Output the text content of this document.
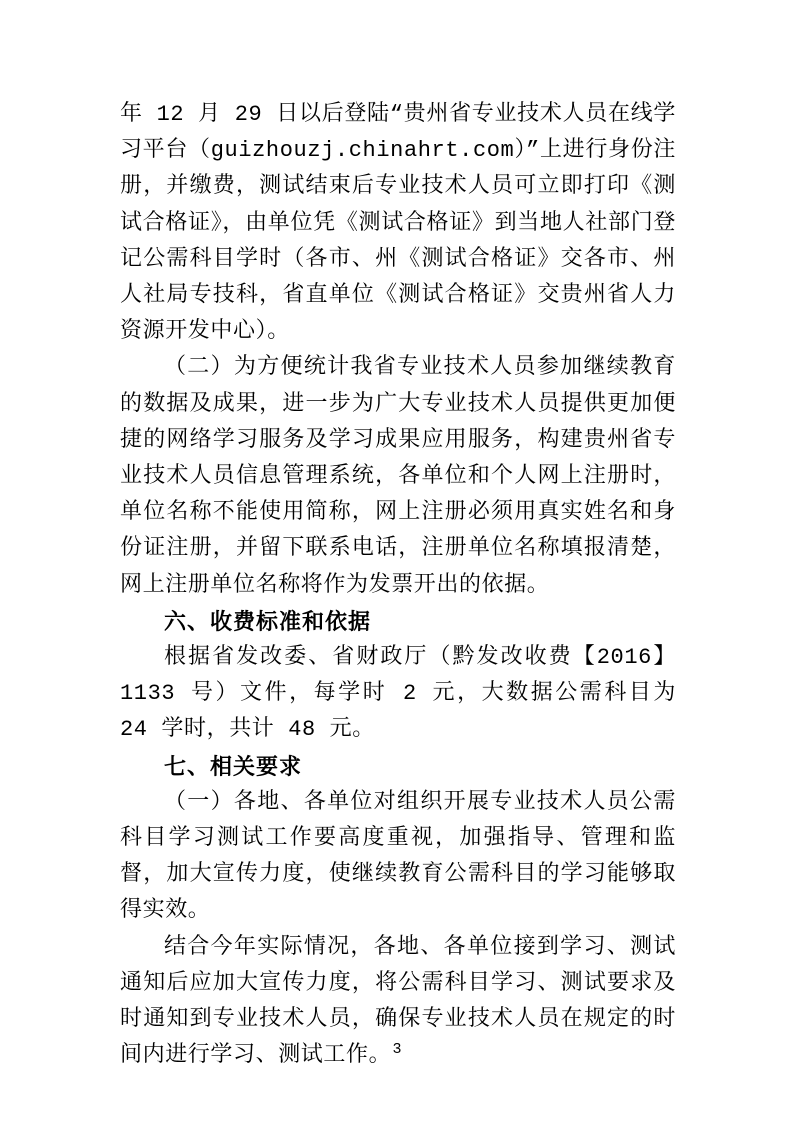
年 12 月 29 日以后登陆“贵州省专业技术人员在线学习平台（guizhouzj.chinahrt.com）”上进行身份注册，并缴费，测试结束后专业技术人员可立即打印《测试合格证》，由单位凭《测试合格证》到当地人社部门登记公需科目学时（各市、州《测试合格证》交各市、州人社局专技科，省直单位《测试合格证》交贵州省人力资源开发中心）。

（二）为方便统计我省专业技术人员参加继续教育的数据及成果，进一步为广大专业技术人员提供更加便捷的网络学习服务及学习成果应用服务，构建贵州省专业技术人员信息管理系统，各单位和个人网上注册时，单位名称不能使用简称，网上注册必须用真实姓名和身份证注册，并留下联系电话，注册单位名称填报清楚，网上注册单位名称将作为发票开出的依据。

六、收费标准和依据

根据省发改委、省财政厅（黔发改收费【2016】1133 号）文件，每学时 2 元，大数据公需科目为 24 学时，共计 48 元。

七、相关要求

（一）各地、各单位对组织开展专业技术人员公需科目学习测试工作要高度重视，加强指导、管理和监督，加大宣传力度，使继续教育公需科目的学习能够取得实效。

结合今年实际情况，各地、各单位接到学习、测试通知后应加大宣传力度，将公需科目学习、测试要求及时通知到专业技术人员，确保专业技术人员在规定的时间内进行学习、测试工作。 3
